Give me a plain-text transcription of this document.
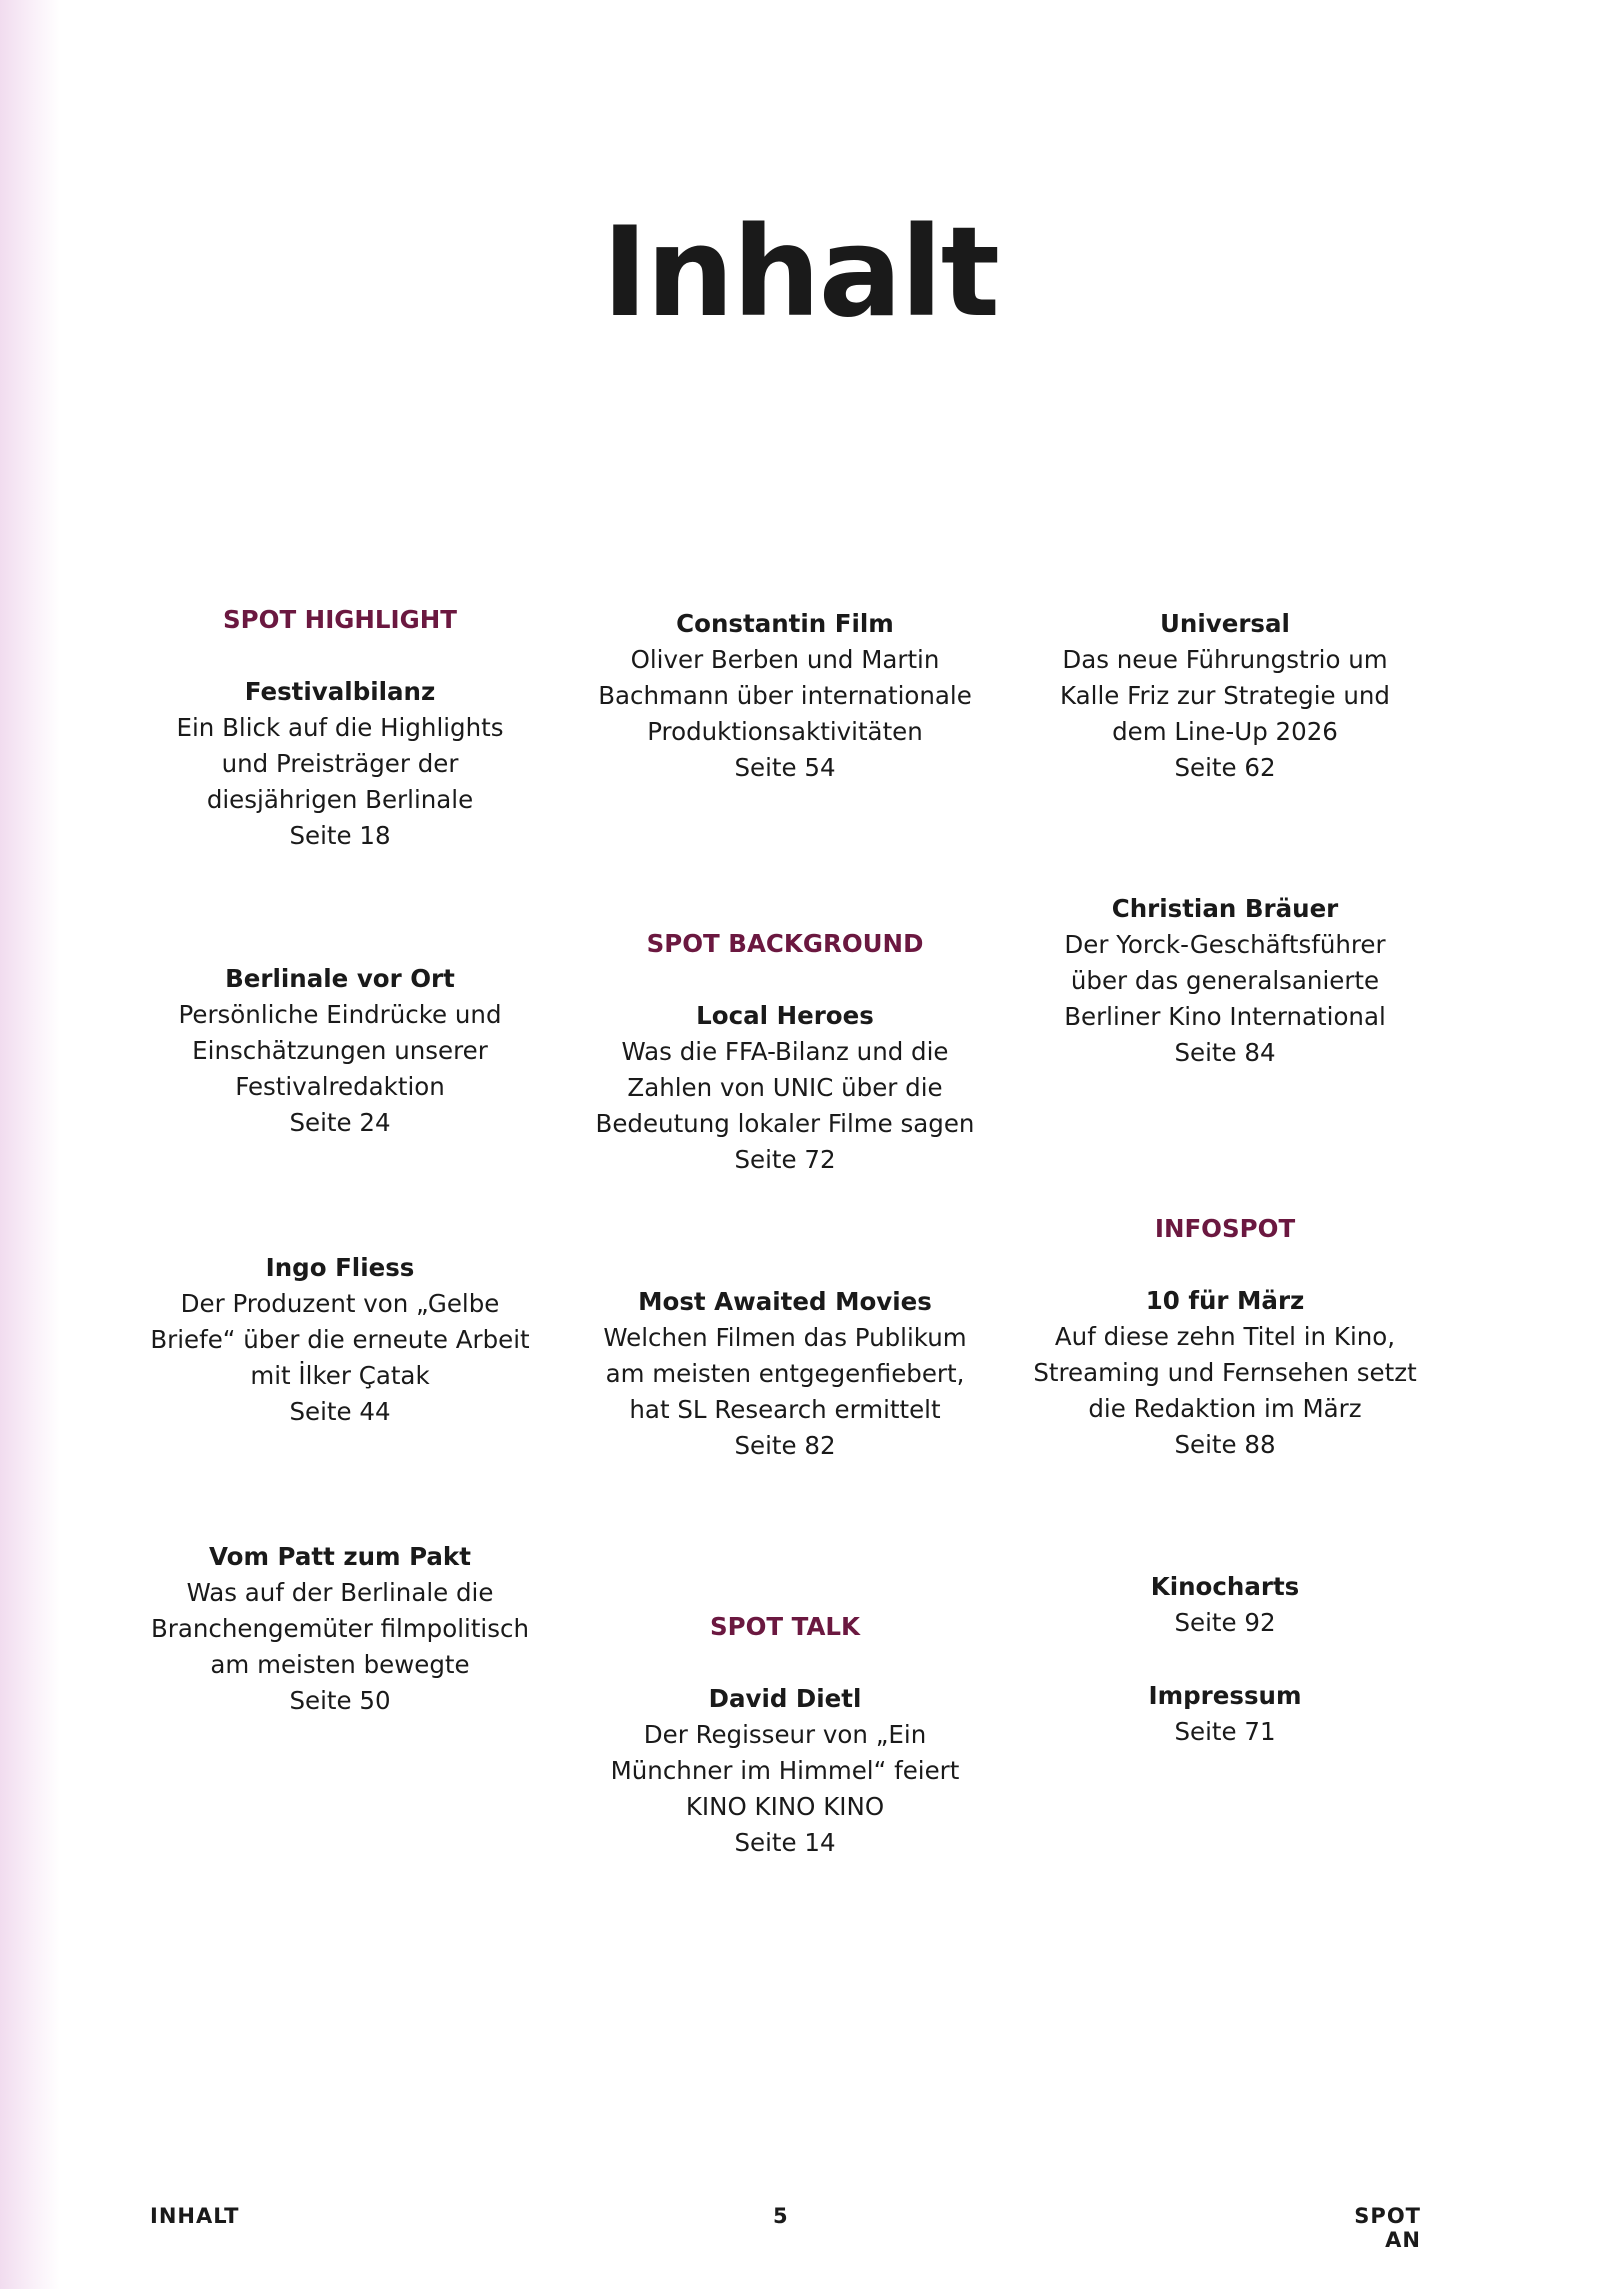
Inhalt
SPOT HIGHLIGHT
Festivalbilanz
Ein Blick auf die Highlights
und Preisträger der
diesjährigen Berlinale
Seite 18
Berlinale vor Ort
Persönliche Eindrücke und
Einschätzungen unserer
Festivalredaktion
Seite 24
Ingo Fliess
Der Produzent von „Gelbe
Briefe“ über die erneute Arbeit
mit İlker Çatak
Seite 44
Vom Patt zum Pakt
Was auf der Berlinale die
Branchengemüter filmpolitisch
am meisten bewegte
Seite 50
Constantin Film
Oliver Berben und Martin
Bachmann über internationale
Produktionsaktivitäten
Seite 54
SPOT BACKGROUND
Local Heroes
Was die FFA-Bilanz und die
Zahlen von UNIC über die
Bedeutung lokaler Filme sagen
Seite 72
Most Awaited Movies
Welchen Filmen das Publikum
am meisten entgegenfiebert,
hat SL Research ermittelt
Seite 82
SPOT TALK
David Dietl
Der Regisseur von „Ein
Münchner im Himmel“ feiert
KINO KINO KINO
Seite 14
Universal
Das neue Führungstrio um
Kalle Friz zur Strategie und
dem Line-Up 2026
Seite 62
Christian Bräuer
Der Yorck-Geschäftsführer
über das generalsanierte
Berliner Kino International
Seite 84
INFOSPOT
10 für März
Auf diese zehn Titel in Kino,
Streaming und Fernsehen setzt
die Redaktion im März
Seite 88
Kinocharts
Seite 92
Impressum
Seite 71
INHALT	5	SPOT AN
